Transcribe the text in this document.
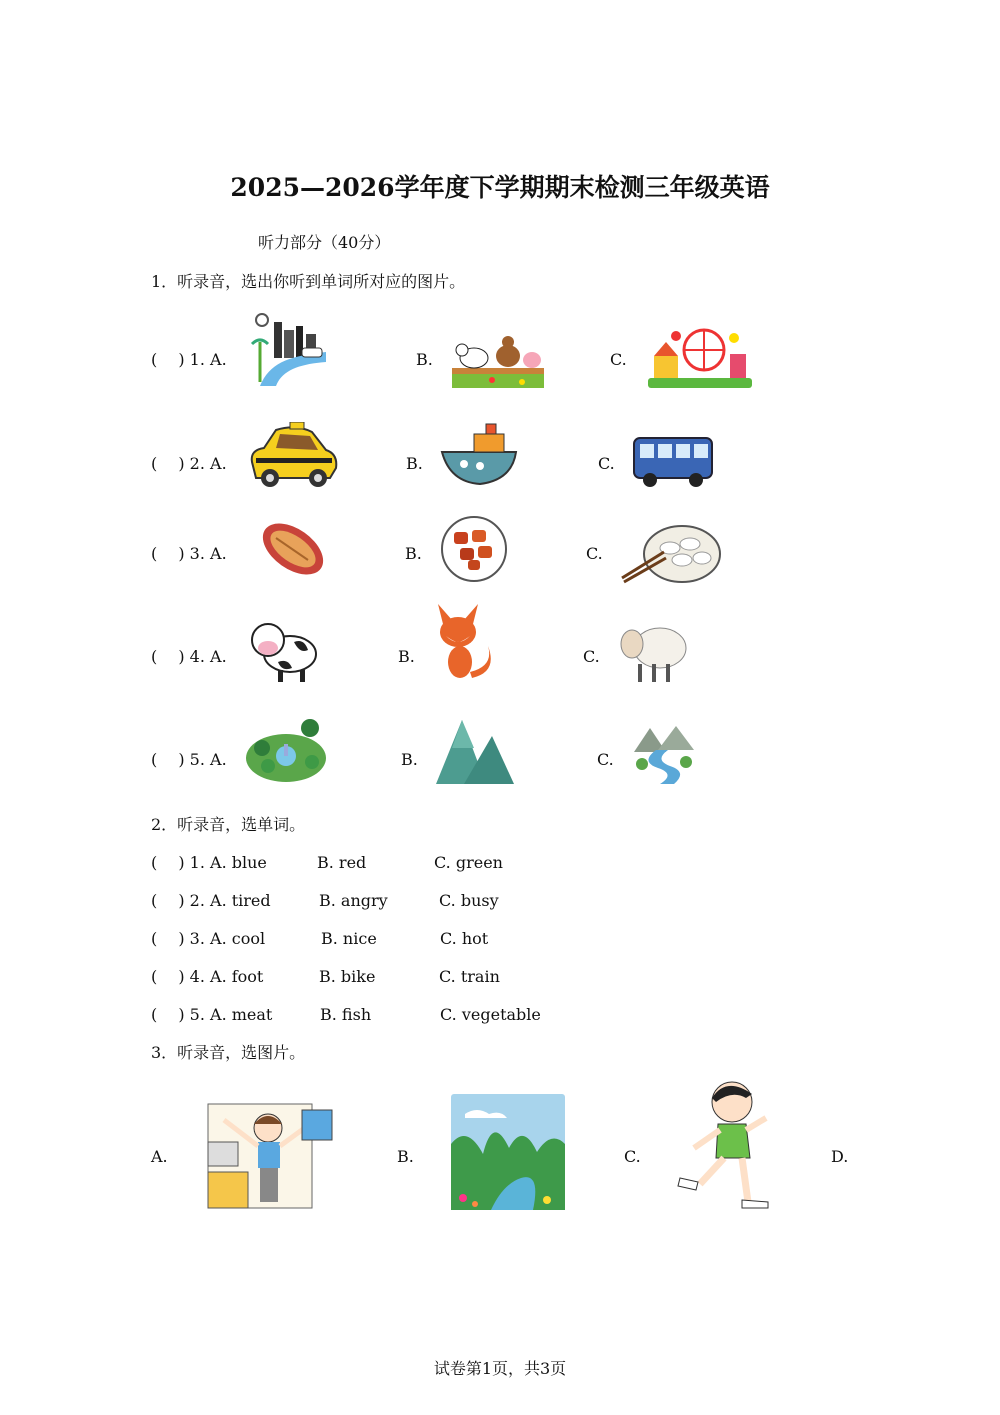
2025—2026学年度下学期期末检测三年级英语
听力部分（40分）
1．听录音，选出你听到单词所对应的图片。
(　 ) 1. A.	B.	C.
(　 ) 2. A.	B.	C.
(　 ) 3. A.	B.	C.
(　 ) 4. A.	B.	C.
(　 ) 5. A.	B.	C.
2．听录音，选单词。
(　 ) 1. A. blue	B. red	C. green
(　 ) 2. A. tired	B. angry	C. busy
(　 ) 3. A. cool	B. nice	C. hot
(　 ) 4. A. foot	B. bike	C. train
(　 ) 5. A. meat	B. fish	C. vegetable
3．听录音，选图片。
A.	B.	C.	D.
试卷第1页，共3页
